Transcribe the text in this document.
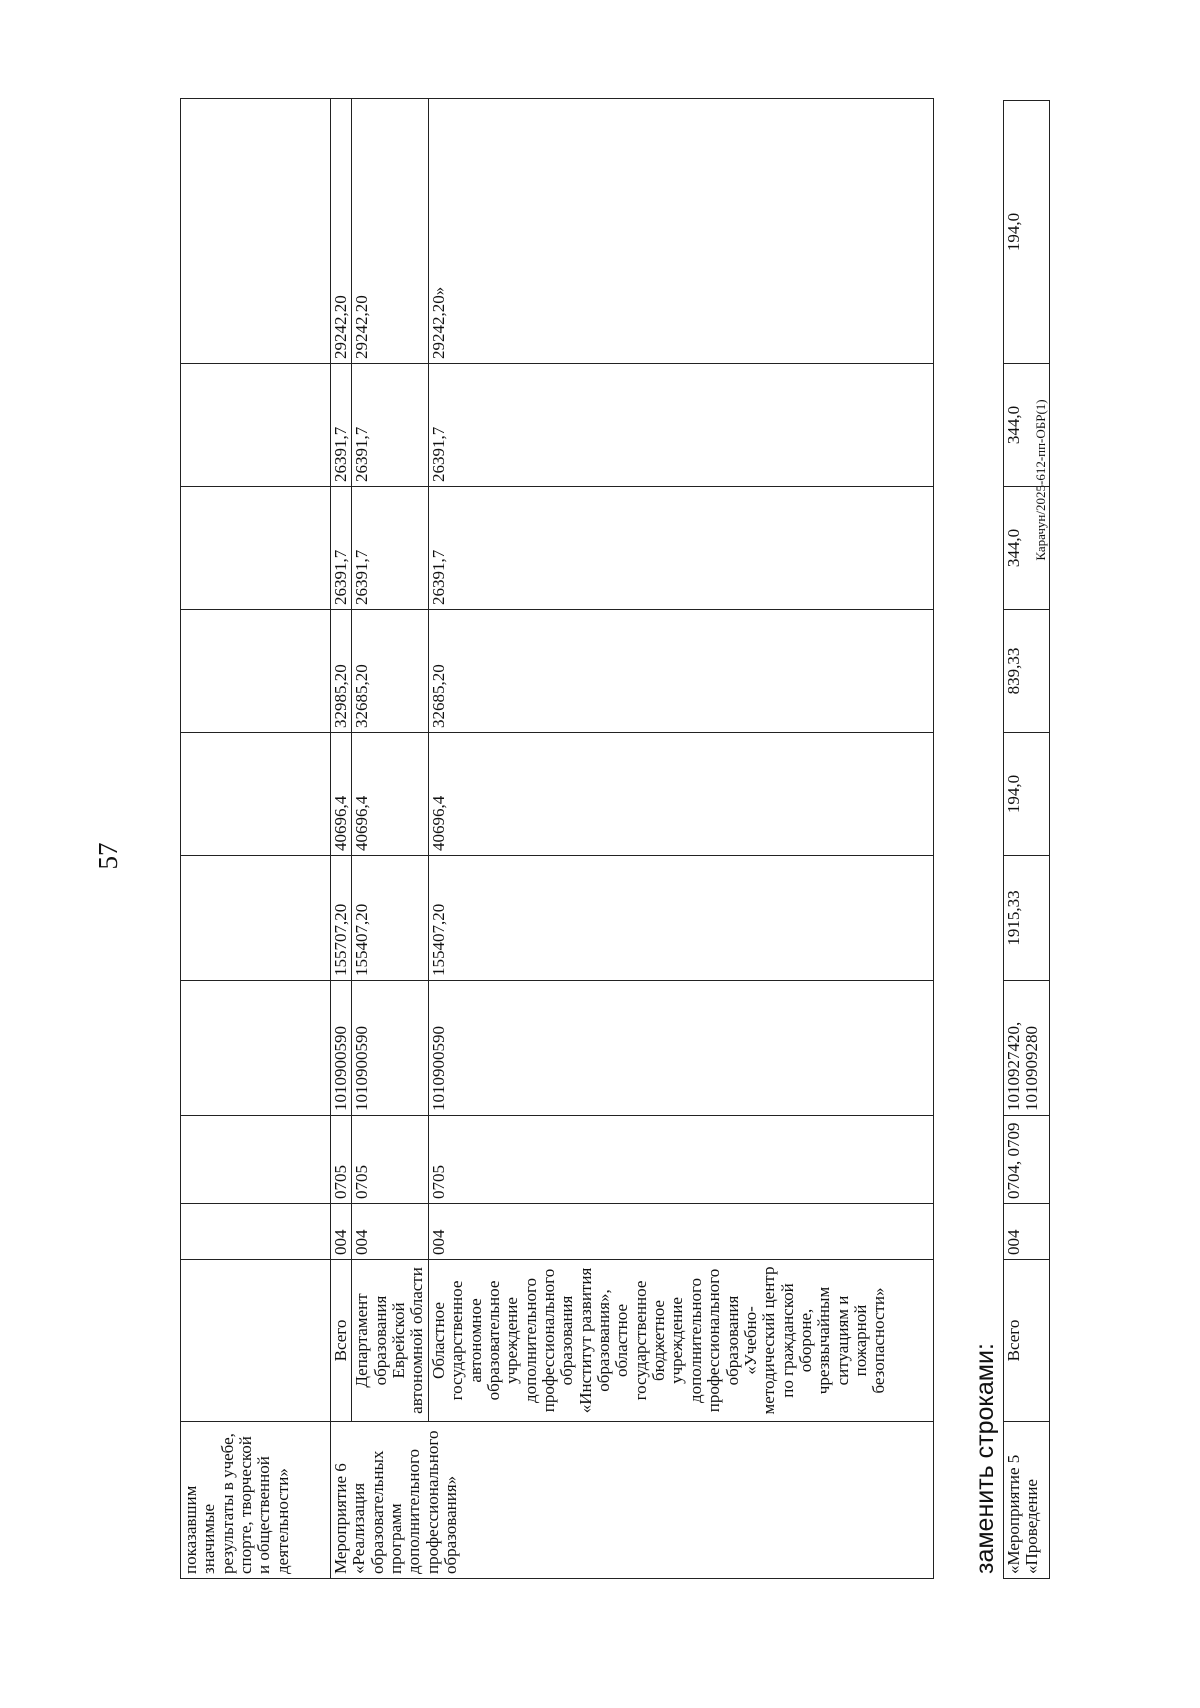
57
Карачун/2025-612-пп-ОБР(1)
показавшим значимые результаты в учебе, спорте, творческой и общественной деятельности»										
Мероприятие 6 «Реализация образовательных программ дополнительного профессионального образования»	Всего	004	0705	1010900590	155707,20	40696,4	32985,20	26391,7	26391,7	29242,20
	Департамент образования Еврейской автономной области	004	0705	1010900590	155407,20	40696,4	32685,20	26391,7	26391,7	29242,20
	Областное государственное автономное образовательное учреждение дополнительного профессионального образования «Институт развития образования», областное государственное бюджетное учреждение дополнительного профессионального образования «Учебно-методический центр по гражданской обороне, чрезвычайным ситуациям и пожарной безопасности»	004	0705	1010900590	155407,20	40696,4	32685,20	26391,7	26391,7	29242,20»
заменить строками: «Мероприятие 5 «Проведение	Всего	004	0704, 0709	1010927420, 1010909280	1915,33	194,0	839,33	344,0	344,0	194,0
